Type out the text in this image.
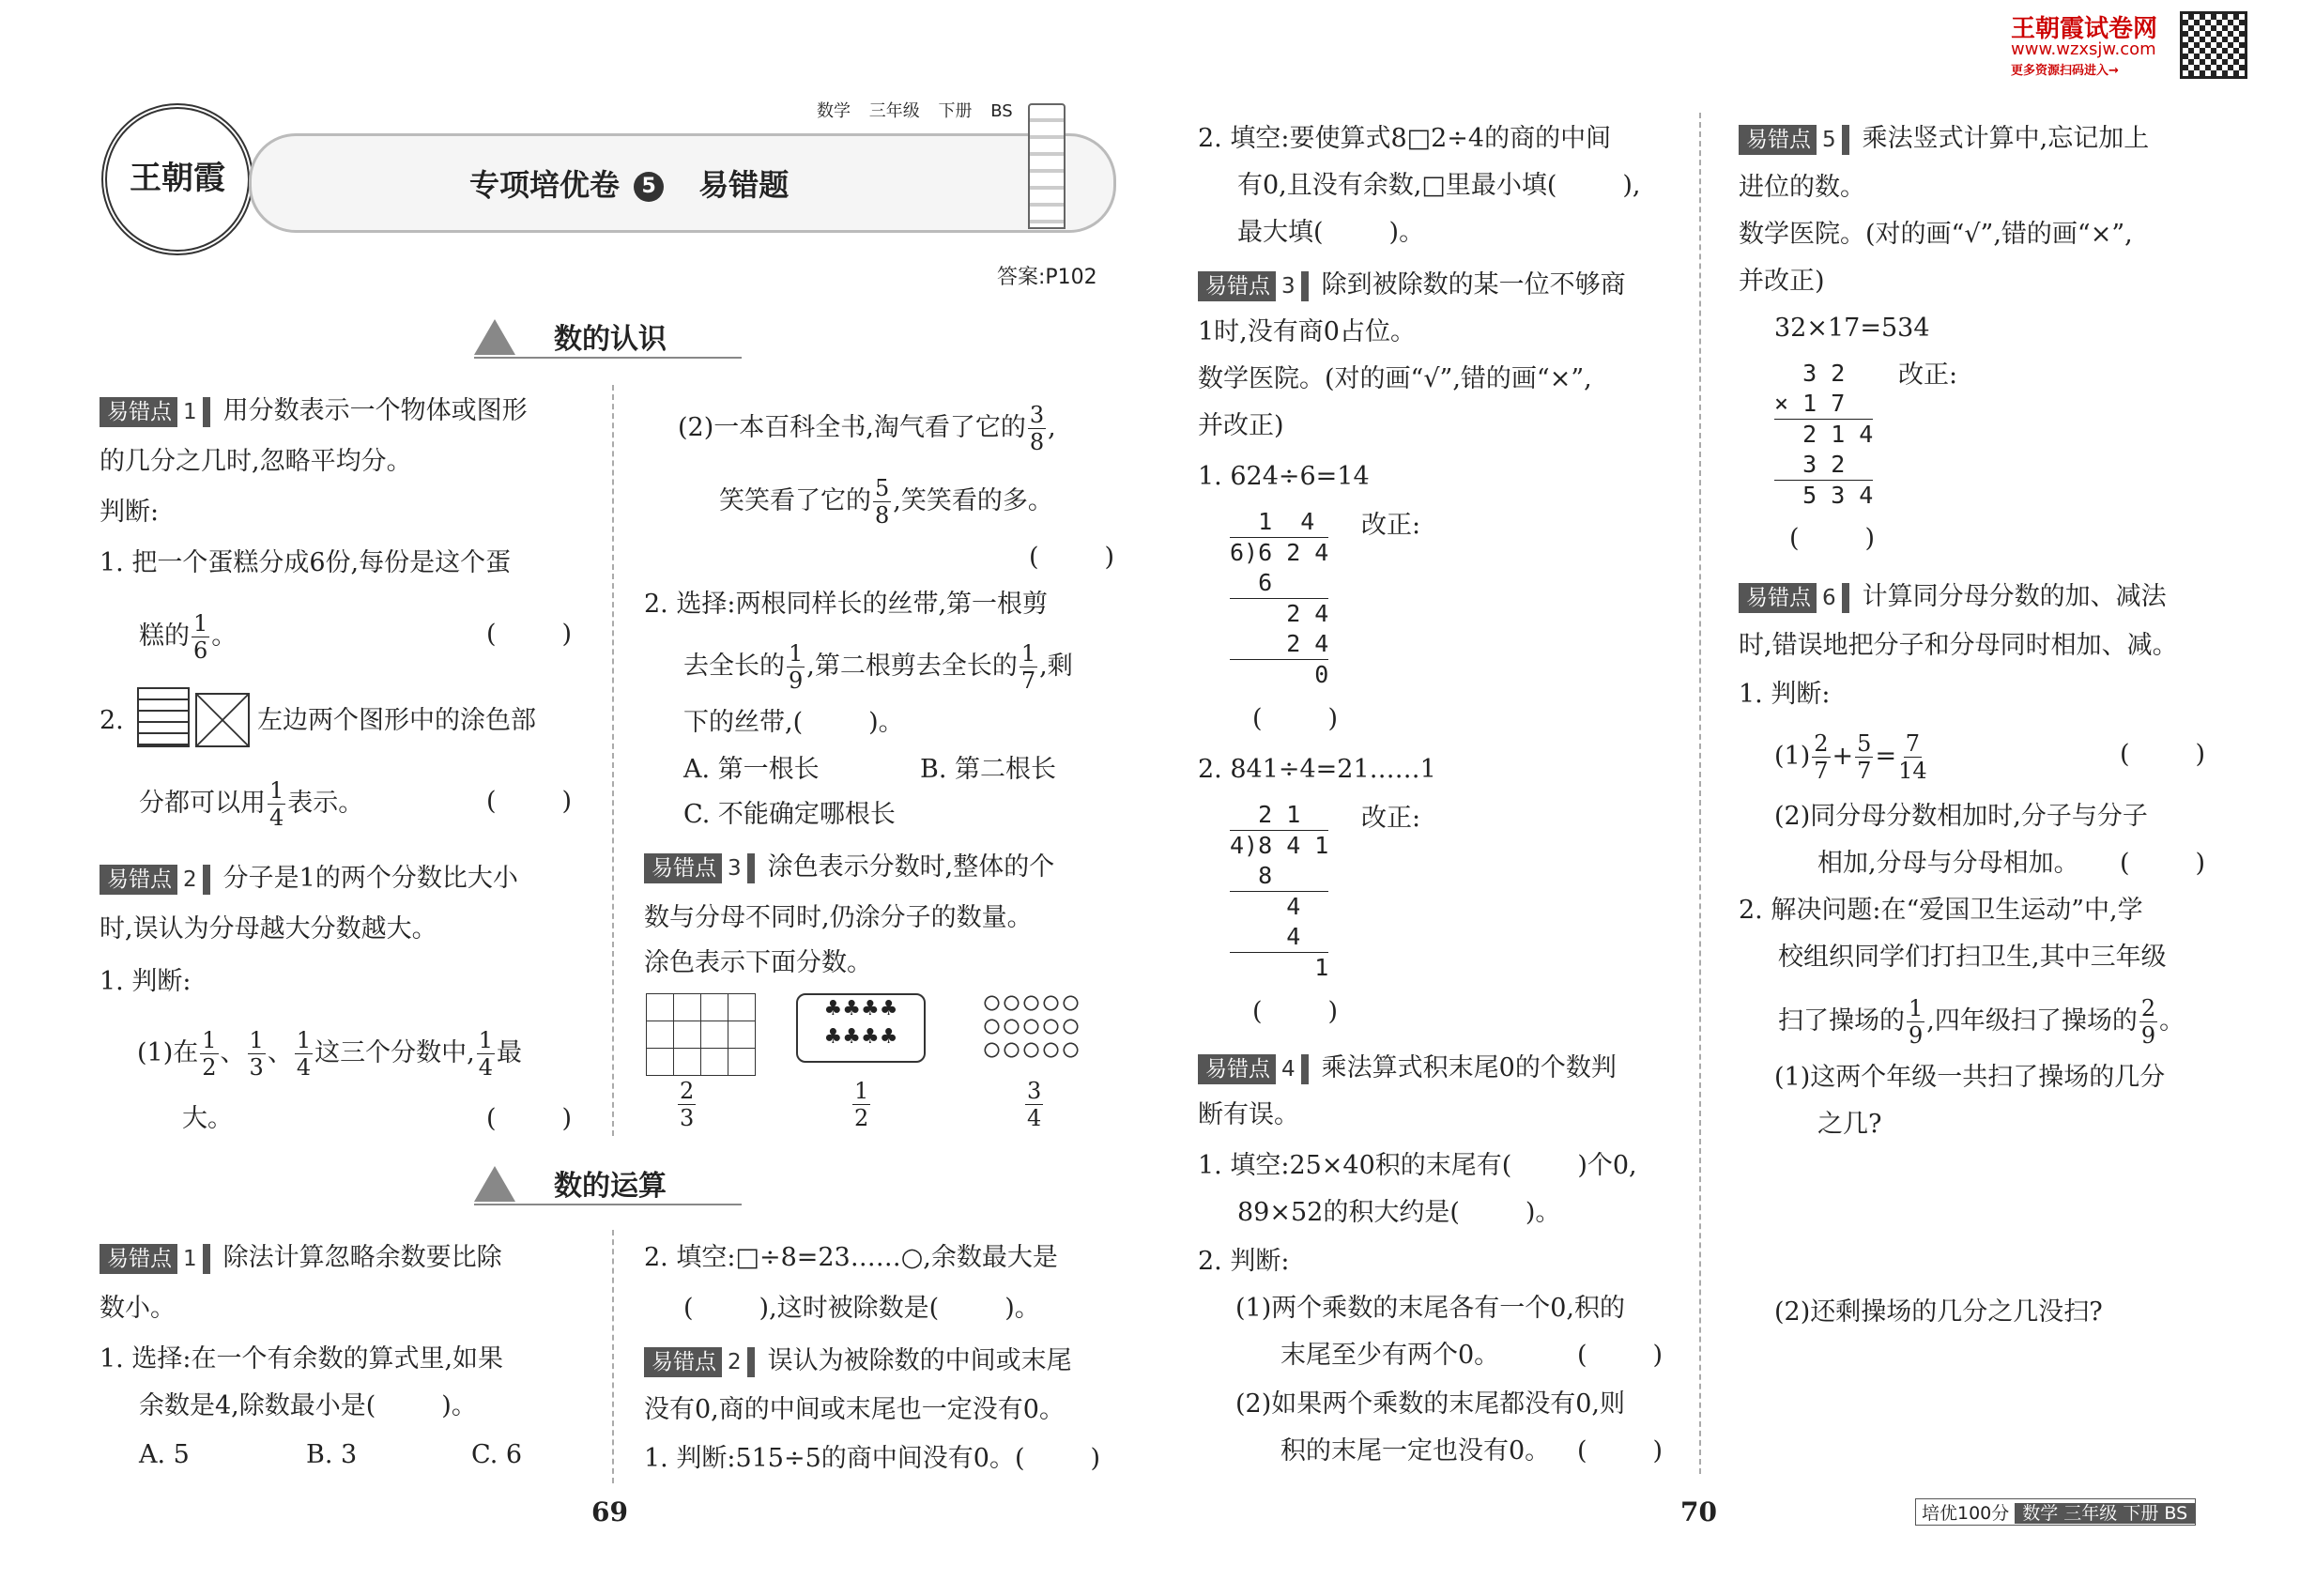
王朝霞
数学 三年级 下册 BS
专项培优卷 5 易错题
答案:P102
王朝霞试卷网
www.wzxsjw.com
更多资源扫码进入→
数的认识
数的运算
易错点 1 用分数表示一个物体或图形
的几分之几时,忽略平均分。
判断:
1. 把一个蛋糕分成6份,每份是这个蛋
糕的 $\frac{1}{6}$ 。	(	)
2.	左边两个图形中的涂色部
分都可以用 $\frac{1}{4}$ 表示。	(	)
易错点 2 分子是1的两个分数比大小
时,误认为分母越大分数越大。
1. 判断:
(1)在 $\frac{1}{2}$ 、 $\frac{1}{3}$ 、 $\frac{1}{4}$ 这三个分数中, $\frac{1}{4}$ 最
大。	(	)
(2)一本百科全书,淘气看了它的 $\frac{3}{8}$ ,
笑笑看了它的 $\frac{5}{8}$ ,笑笑看的多。
(	)
2. 选择:两根同样长的丝带,第一根剪
去全长的 $\frac{1}{9}$ ,第二根剪去全长的 $\frac{1}{7}$ ,剩
下的丝带,(	)。
A. 第一根长	B. 第二根长
C. 不能确定哪根长
易错点 3 涂色表示分数时,整体的个
数与分母不同时,仍涂分子的数量。
涂色表示下面分数。

♣♣♣♣
♣♣♣♣
$\frac{2}{3}$	$\frac{1}{2}$	$\frac{3}{4}$
易错点 1 除法计算忽略余数要比除
数小。
1. 选择:在一个有余数的算式里,如果
余数是4,除数最小是(	)。
A. 5	B. 3	C. 6
2. 填空:□÷8=23……○,余数最大是
(	),这时被除数是(	)。
易错点 2 误认为被除数的中间或末尾
没有0,商的中间或末尾也一定没有0。
1. 判断:515÷5的商中间没有0。(	)
69
2. 填空:要使算式8□2÷4的商的中间
有0,且没有余数,□里最小填(	),
最大填(	)。
易错点 3 除到被除数的某一位不够商
1时,没有商0占位。
数学医院。(对的画“√”,错的画“×”,
并改正)
1. 624÷6=14
1  4
6)6 2 4
6
2 4
2 4
0
改正:
(	)
2. 841÷4=21……1
2 1
4)8 4 1
8
4
4
1
改正:
(	)
易错点 4 乘法算式积末尾0的个数判
断有误。
1. 填空:25×40积的末尾有(	)个0,
89×52的积大约是(	)。
2. 判断:
(1)两个乘数的末尾各有一个0,积的
末尾至少有两个0。	(	)
(2)如果两个乘数的末尾都没有0,则
积的末尾一定也没有0。 (	)
70
易错点 5 乘法竖式计算中,忘记加上
进位的数。
数学医院。(对的画“√”,错的画“×”,
并改正)
32×17=534
3 2
× 1 7
2 1 4
3 2
5 3 4
改正:
(	)
易错点 6 计算同分母分数的加、减法
时,错误地把分子和分母同时相加、减。
1. 判断:
$(1) \frac{2}{7} + \frac{5}{7} = \frac{7}{14}$	(	)
(2)同分母分数相加时,分子与分子
相加,分母与分母相加。 (	)
2. 解决问题:在“爱国卫生运动”中,学
校组织同学们打扫卫生,其中三年级
扫了操场的 $\frac{1}{9}$ ,四年级扫了操场的 $\frac{2}{9}$ 。
(1)这两个年级一共扫了操场的几分
之几?
(2)还剩操场的几分之几没扫?
培优100分 数学 三年级 下册 BS
